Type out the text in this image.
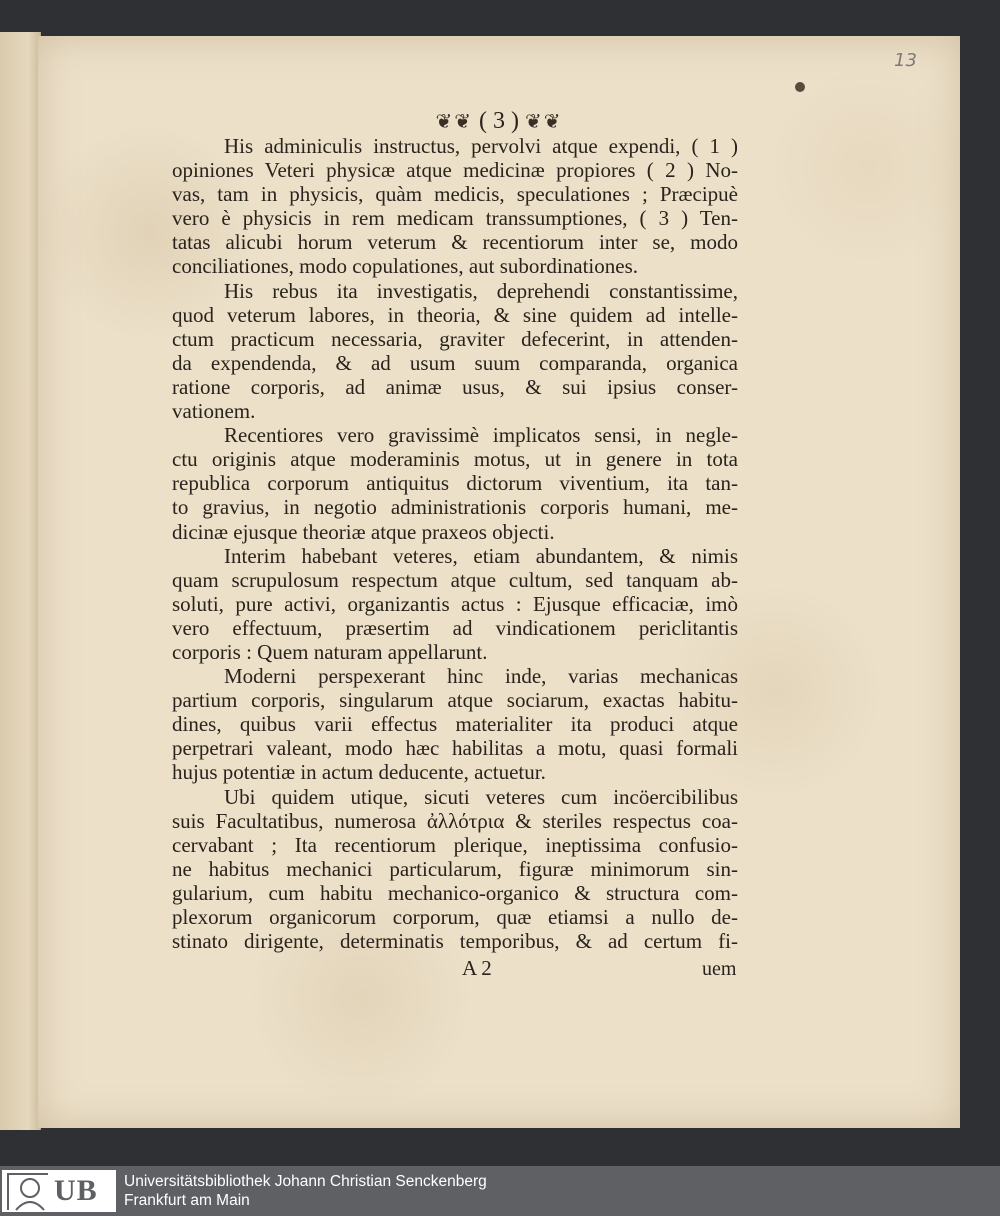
13
❦❦ ( 3 ) ❦❦

His adminiculis instructus, pervolvi atque expendi, ( 1 )
opiniones Veteri physicæ atque medicinæ propiores ( 2 ) No-
vas, tam in physicis, quàm medicis, speculationes ; Præcipuè
vero è physicis in rem medicam transsumptiones, ( 3 ) Ten-
tatas alicubi horum veterum & recentiorum inter se, modo
conciliationes, modo copulationes, aut subordinationes.

His rebus ita investigatis, deprehendi constantissime,
quod veterum labores, in theoria, & sine quidem ad intelle-
ctum practicum necessaria, graviter defecerint, in attenden-
da expendenda, & ad usum suum comparanda, organica
ratione corporis, ad animæ usus, & sui ipsius conser-
vationem.

Recentiores vero gravissimè implicatos sensi, in negle-
ctu originis atque moderaminis motus, ut in genere in tota
republica corporum antiquitus dictorum viventium, ita tan-
to gravius, in negotio administrationis corporis humani, me-
dicinæ ejusque theoriæ atque praxeos objecti.

Interim habebant veteres, etiam abundantem, & nimis
quam scrupulosum respectum atque cultum, sed tanquam ab-
soluti, pure activi, organizantis actus : Ejusque efficaciæ, imò
vero effectuum, præsertim ad vindicationem periclitantis
corporis : Quem naturam appellarunt.

Moderni perspexerant hinc inde, varias mechanicas
partium corporis, singularum atque sociarum, exactas habitu-
dines, quibus varii effectus materialiter ita produci atque
perpetrari valeant, modo hæc habilitas a motu, quasi formali
hujus potentiæ in actum deducente, actuetur.

Ubi quidem utique, sicuti veteres cum incöercibilibus
suis Facultatibus, numerosa ἀλλότρια & steriles respectus coa-
cervabant ; Ita recentiorum plerique, ineptissima confusio-
ne habitus mechanici particularum, figuræ minimorum sin-
gularium, cum habitu mechanico-organico & structura com-
plexorum organicorum corporum, quæ etiamsi a nullo de-
stinato dirigente, determinatis temporibus, & ad certum fi-

A 2	uem
UB Universitätsbibliothek Johann Christian Senckenberg
Frankfurt am Main
